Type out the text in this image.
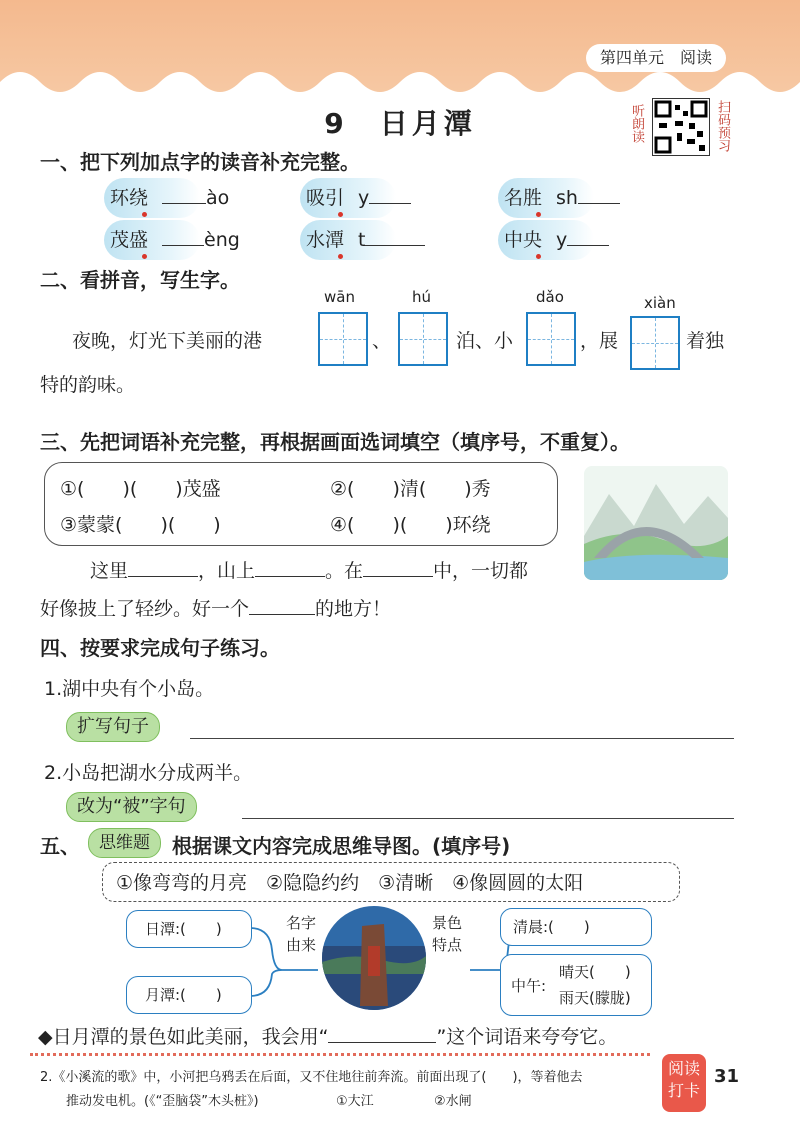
第四单元　阅读
9　日月潭	听朗读	扫码预习
一、把下列加点字的读音补充完整。
环绕	ào	吸引 y	名胜 sh
茂盛	èng	水潭 t	中央 y
二、看拼音，写生字。
wān	hú	dǎo	xiàn
夜晚，灯光下美丽的港	、	泊、小	，展	着独
特的韵味。
三、先把词语补充完整，再根据画面选词填空（填序号，不重复）。
①(　　)(　　)茂盛	②(　　)清(　　)秀
③蒙蒙(　　)(　　)	④(　　)(　　)环绕
这里	，山上	。在	中，一切都
好像披上了轻纱。好一个	的地方！
四、按要求完成句子练习。
1.湖中央有个小岛。
扩写句子
2.小岛把湖水分成两半。
改为“被”字句
五、	思维题	根据课文内容完成思维导图。(填序号)
①像弯弯的月亮　②隐隐约约　③清晰　④像圆圆的太阳
日潭:(　　)
月潭:(　　)
名字
由来
景色
特点
清晨:(　　)
中午:
晴天(　　)
雨天(朦胧)
◆日月潭的景色如此美丽，我会用“	”这个词语来夸夸它。
2.《小溪流的歌》中，小河把乌鸦丢在后面，又不住地往前奔流。前面出现了(　　)，等着他去
推动发电机。(《“歪脑袋”木头桩》)	①大江	②水闸
阅读
打卡
31
